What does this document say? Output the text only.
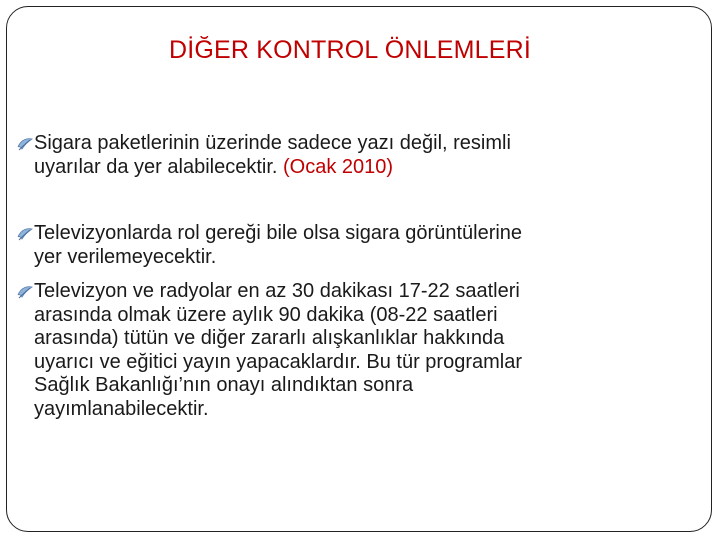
DİĞER KONTROL ÖNLEMLERİ
Sigara paketlerinin üzerinde sadece yazı değil, resimli
uyarılar da yer alabilecektir. (Ocak 2010)
Televizyonlarda rol gereği bile olsa sigara görüntülerine
yer verilemeyecektir.
Televizyon ve radyolar en az 30 dakikası 17-22 saatleri
arasında olmak üzere aylık 90 dakika (08-22 saatleri
arasında) tütün ve diğer zararlı alışkanlıklar hakkında
uyarıcı ve eğitici yayın yapacaklardır. Bu tür programlar
Sağlık Bakanlığı’nın onayı alındıktan sonra
yayımlanabilecektir.
